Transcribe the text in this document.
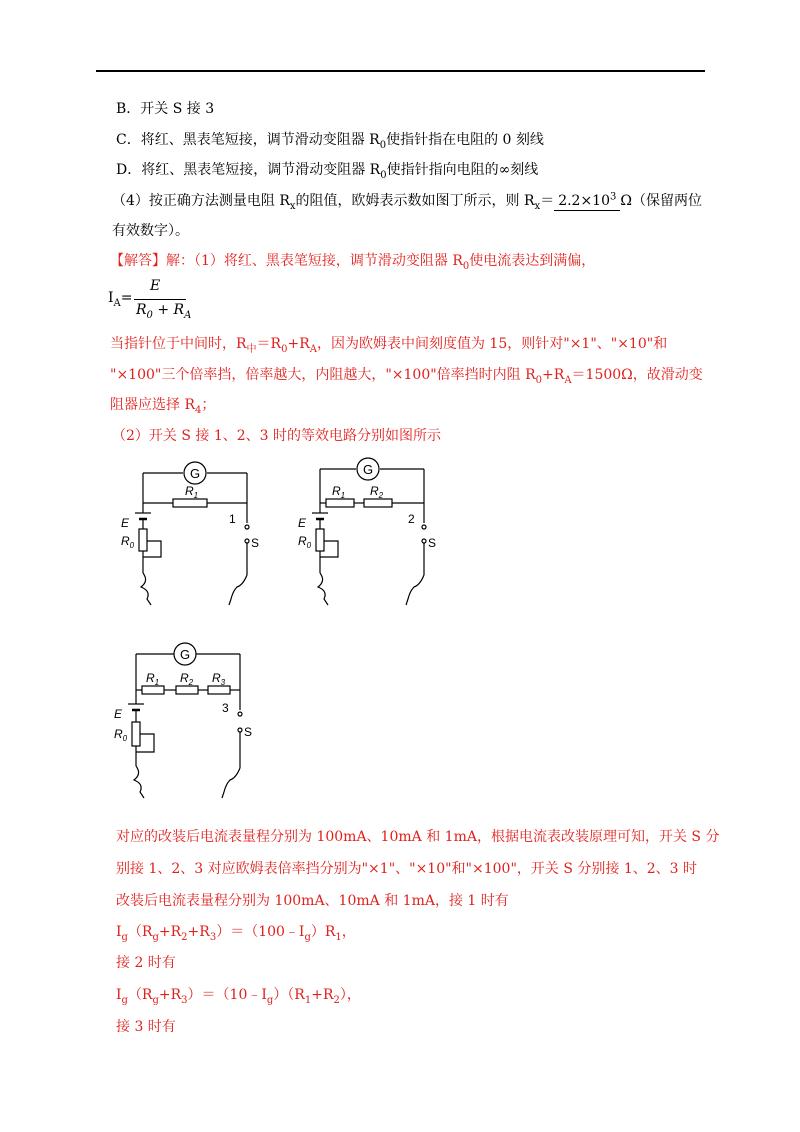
B．开关 S 接 3
C．将红、黑表笔短接，调节滑动变阻器 $R_0$使指针指在电阻的 0 刻线
D．将红、黑表笔短接，调节滑动变阻器 $R_0$使指针指向电阻的∞刻线
（4）按正确方法测量电阻 $R_x$的阻值，欧姆表示数如图丁所示，则 $R_x= 2.2\times 10^3$ Ω（保留两位
有效数字）。
【解答】解：（1）将红、黑表笔短接，调节滑动变阻器 $R_0$使电流表达到满偏，
$I_A=$
E
$R_0 + R_A$
当指针位于中间时，$R_中=R_0+R_A$，因为欧姆表中间刻度值为 15，则针对"×1"、"×10"和
"×100"三个倍率挡，倍率越大，内阻越大，"×100"倍率挡时内阻 $R_0+R_A=1500\Omega$，故滑动变
阻器应选择 $R_4$；
（2）开关 S 接 1、2、3 时的等效电路分别如图所示
G
$R_1$
1
E
$R_0$	S
G
$R_1$ $R_2$
2
E
$R_0$	S
G
$R_1$ $R_2$ $R_3$
3
E
$R_0$	S
对应的改装后电流表量程分别为 100mA、10mA 和 1mA，根据电流表改装原理可知，开关 S 分
别接 1、2、3 对应欧姆表倍率挡分别为"×1"、"×10"和"×100"，开关 S 分别接 1、2、3 时
改装后电流表量程分别为 100mA、10mA 和 1mA，接 1 时有
$I_g(R_g+R_2+R_3)=(100﹣I_g)R_1$，
接 2 时有
$I_g(R_g+R_3)=(10﹣I_g)(R_1+R_2)$，
接 3 时有
